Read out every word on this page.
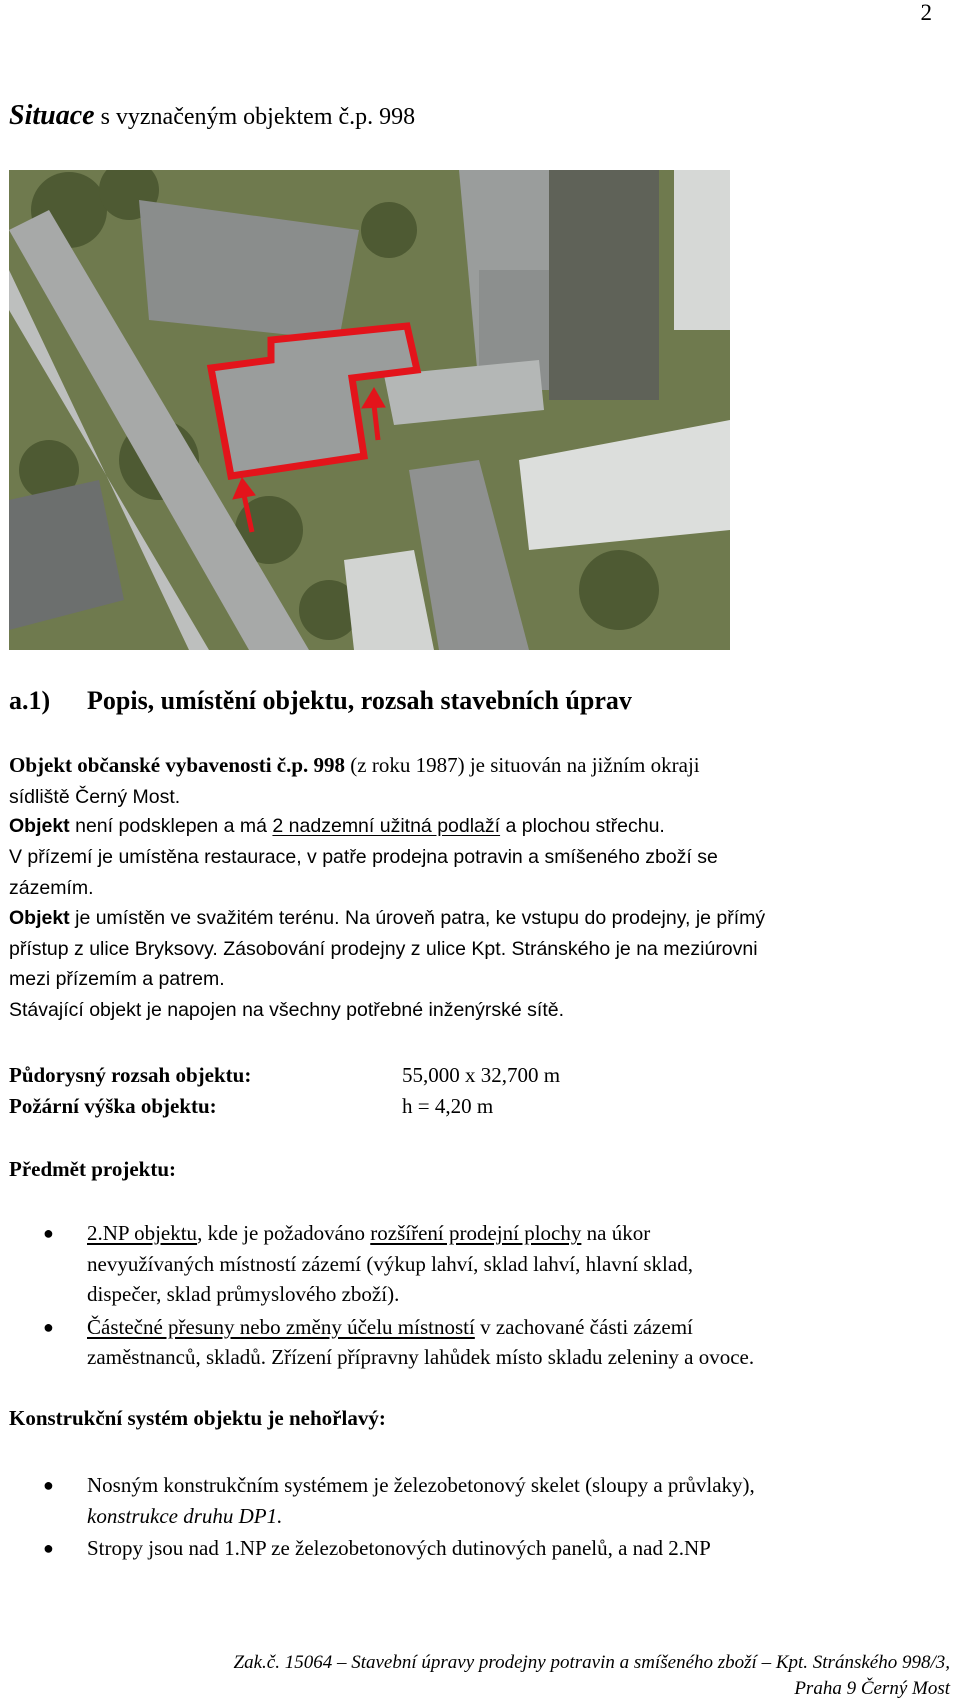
2
Situace s vyznačeným objektem č.p. 998
a.1) Popis, umístění objektu, rozsah stavebních úprav
Objekt občanské vybavenosti č.p. 998 (z roku 1987) je situován na jižním okraji
sídliště Černý Most.
Objekt není podsklepen a má 2 nadzemní užitná podlaží a plochou střechu.
V přízemí je umístěna restaurace, v patře prodejna potravin a smíšeného zboží se
zázemím.
Objekt je umístěn ve svažitém terénu. Na úroveň patra, ke vstupu do prodejny, je přímý
přístup z ulice Bryksovy. Zásobování prodejny z ulice Kpt. Stránského je na meziúrovni
mezi přízemím a patrem.
Stávající objekt je napojen na všechny potřebné inženýrské sítě.
Půdorysný rozsah objektu:	55,000 x 32,700 m
Požární výška objektu:	h = 4,20 m
Předmět projektu:
● 2.NP objektu, kde je požadováno rozšíření prodejní plochy na úkor
nevyužívaných místností zázemí (výkup lahví, sklad lahví, hlavní sklad,
dispečer, sklad průmyslového zboží).
● Částečné přesuny nebo změny účelu místností v zachované části zázemí
zaměstnanců, skladů. Zřízení přípravny lahůdek místo skladu zeleniny a ovoce.
Konstrukční systém objektu je nehořlavý:
● Nosným konstrukčním systémem je železobetonový skelet (sloupy a průvlaky),
konstrukce druhu DP1.
● Stropy jsou nad 1.NP ze železobetonových dutinových panelů, a nad 2.NP
Zak.č. 15064 – Stavební úpravy prodejny potravin a smíšeného zboží – Kpt. Stránského 998/3,
Praha 9 Černý Most
